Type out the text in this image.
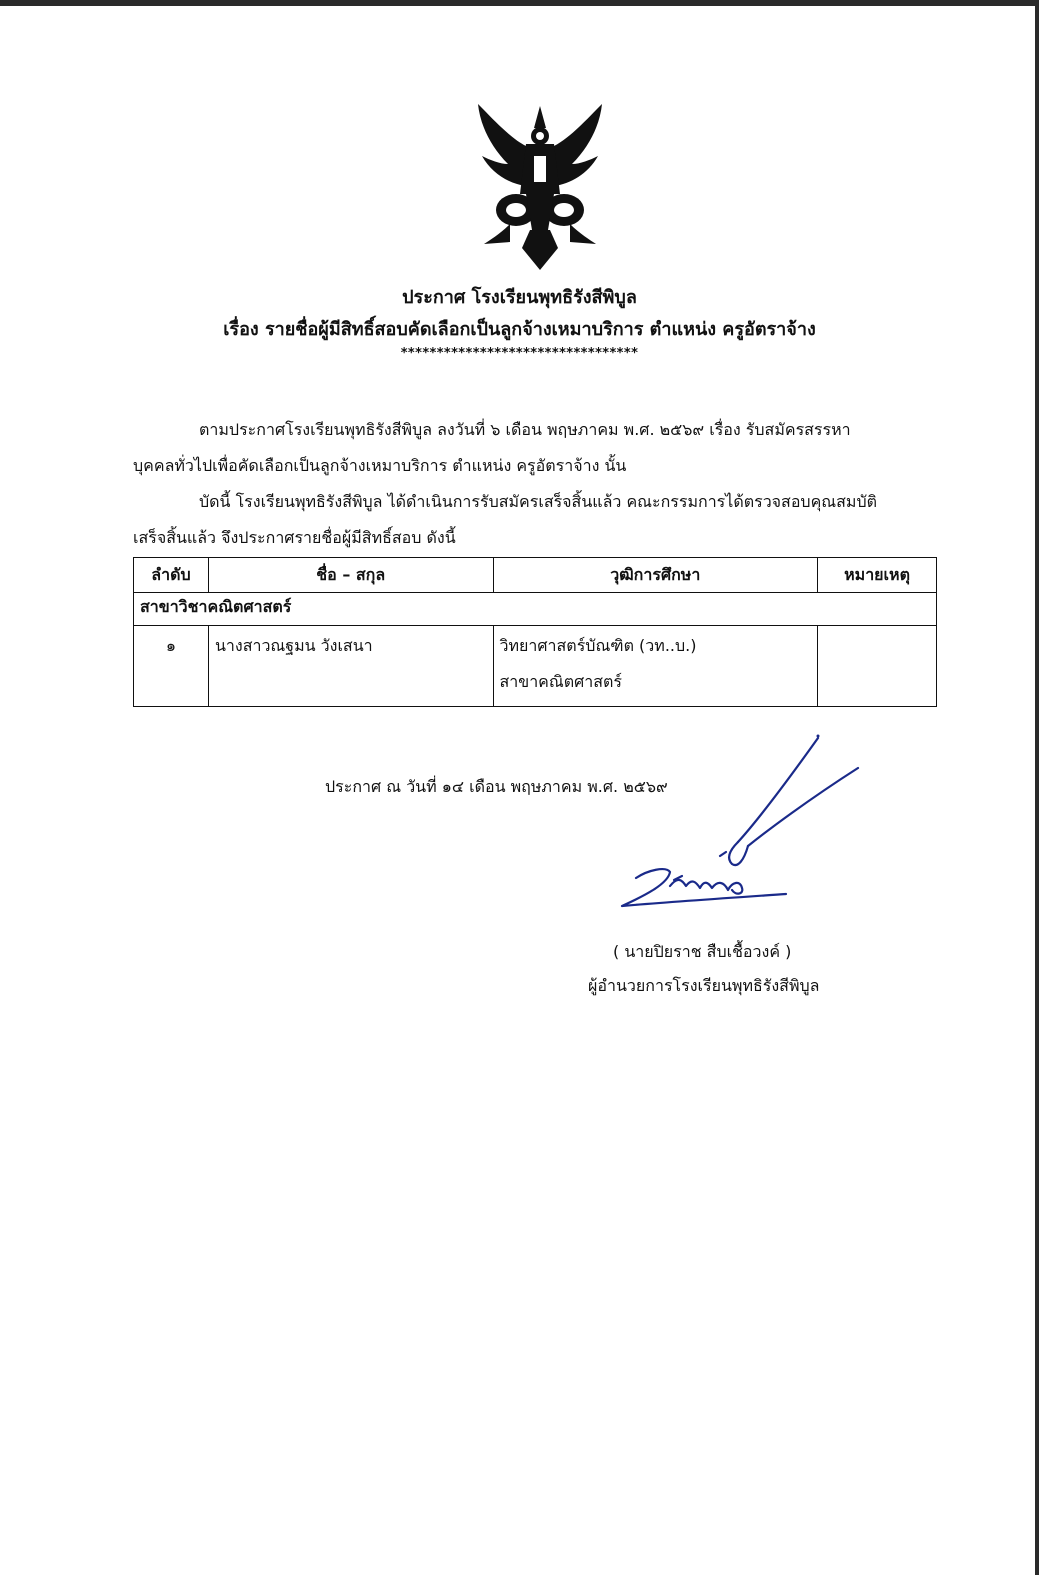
ประกาศ โรงเรียนพุทธิรังสีพิบูล
เรื่อง รายชื่อผู้มีสิทธิ์สอบคัดเลือกเป็นลูกจ้างเหมาบริการ ตำแหน่ง ครูอัตราจ้าง
*********************************
ตามประกาศโรงเรียนพุทธิรังสีพิบูล ลงวันที่ ๖ เดือน พฤษภาคม พ.ศ. ๒๕๖๙ เรื่อง รับสมัครสรรหา
บุคคลทั่วไปเพื่อคัดเลือกเป็นลูกจ้างเหมาบริการ ตำแหน่ง ครูอัตราจ้าง นั้น
บัดนี้ โรงเรียนพุทธิรังสีพิบูล ได้ดำเนินการรับสมัครเสร็จสิ้นแล้ว คณะกรรมการได้ตรวจสอบคุณสมบัติ
เสร็จสิ้นแล้ว จึงประกาศรายชื่อผู้มีสิทธิ์สอบ ดังนี้
ลำดับ	ชื่อ – สกุล	วุฒิการศึกษา	หมายเหตุ
สาขาวิชาคณิตศาสตร์			
๑	นางสาวณฐมน วังเสนา	วิทยาศาสตร์บัณฑิต (วท..บ.)
สาขาคณิตศาสตร์	

ประกาศ ณ วันที่ ๑๔ เดือน พฤษภาคม พ.ศ. ๒๕๖๙
( นายปิยราช สืบเชื้อวงค์ )
ผู้อำนวยการโรงเรียนพุทธิรังสีพิบูล
